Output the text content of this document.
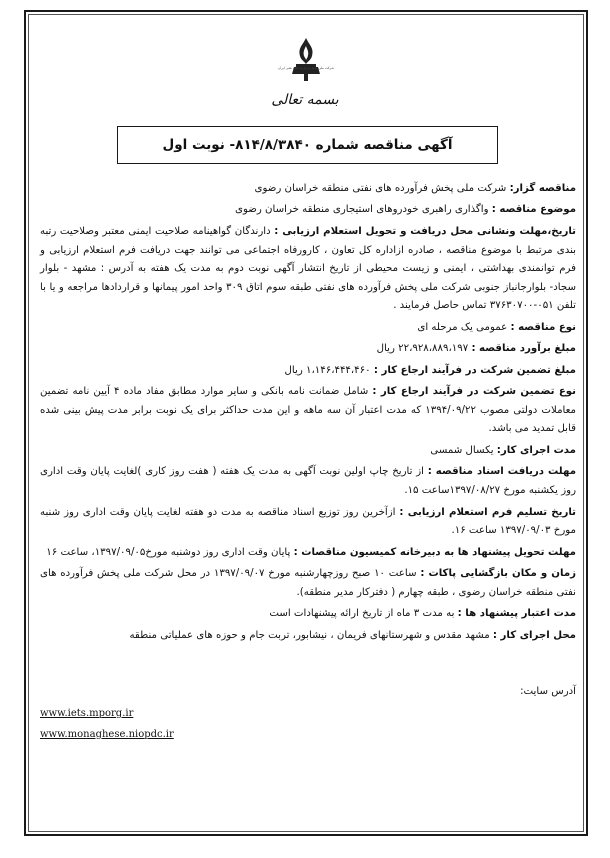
شرکت ملی پخش فرآورده های نفتی ایران
بسمه تعالی
آگهی مناقصه شماره ۸۱۴/۸/۳۸۴۰- نوبت اول

مناقصه گزار: شرکت ملی پخش فرآورده های نفتی منطقه خراسان رضوی

موضوع مناقصه : واگذاری راهبری خودروهای استیجاری منطقه خراسان رضوی

تاریخ،مهلت ونشانی محل دریافت و تحویل استعلام ارزیابی : دارندگان گواهینامه صلاحیت ایمنی معتبر وصلاحیت رتبه بندی مرتبط با موضوع مناقصه ، صادره ازاداره کل تعاون ، کارورفاه اجتماعی می توانند جهت دریافت فرم استعلام ارزیابی و فرم توانمندی بهداشتی ، ایمنی و زیست محیطی از تاریخ انتشار آگهی نوبت دوم به مدت یک هفته به آدرس : مشهد - بلوار سجاد- بلوارجانباز جنوبی شرکت ملی پخش فرآورده های نفتی طبقه سوم اتاق ۳۰۹ واحد امور پیمانها و قراردادها مراجعه و یا با تلفن ۰۵۱-۳۷۶۳۰۷۰۰ تماس حاصل فرمایند .

نوع مناقصه : عمومی یک مرحله ای

مبلغ برآورد مناقصه : ۲۲،۹۲۸،۸۸۹،۱۹۷ ریال

مبلغ تضمین شرکت در فرآیند ارجاع کار : ۱،۱۴۶،۴۴۴،۴۶۰ ریال

نوع تضمین شرکت در فرآیند ارجاع کار : شامل ضمانت نامه بانکی و سایر موارد مطابق مفاد ماده ۴ آیین نامه تضمین معاملات دولتی مصوب ۱۳۹۴/۰۹/۲۲ که مدت اعتبار آن سه ماهه و این مدت حداکثر برای یک نوبت برابر مدت پیش بینی شده قابل تمدید می باشد.

مدت اجرای کار: یکسال شمسی

مهلت دریافت اسناد مناقصه : از تاریخ چاپ اولین نوبت آگهی به مدت یک هفته ( هفت روز کاری )لغایت پایان وقت اداری روز یکشنبه مورخ ۱۳۹۷/۰۸/۲۷ساعت ۱۵.

تاریخ تسلیم فرم استعلام ارزیابی : ازآخرین روز توزیع اسناد مناقصه به مدت دو هفته لغایت پایان وقت اداری روز شنبه مورخ ۱۳۹۷/۰۹/۰۳ ساعت ۱۶.

مهلت تحویل پیشنهاد ها به دبیرخانه کمیسیون مناقصات : پایان وقت اداری روز دوشنبه مورخ۱۳۹۷/۰۹/۰۵، ساعت ۱۶

زمان و مکان بازگشایی پاکات : ساعت ۱۰ صبح روزچهارشنبه مورخ ۱۳۹۷/۰۹/۰۷ در محل شرکت ملی پخش فرآورده های نفتی منطقه خراسان رضوی ، طبقه چهارم ( دفترکار مدیر منطقه).

مدت اعتبار پیشنهاد ها : به مدت ۳ ماه از تاریخ ارائه پیشنهادات است

محل اجرای کار : مشهد مقدس و شهرستانهای فریمان ، نیشابور، تربت جام و حوزه های عملیاتی منطقه

آدرس سایت:
www.iets.mporg.ir
www.monaghese.niopdc.ir
